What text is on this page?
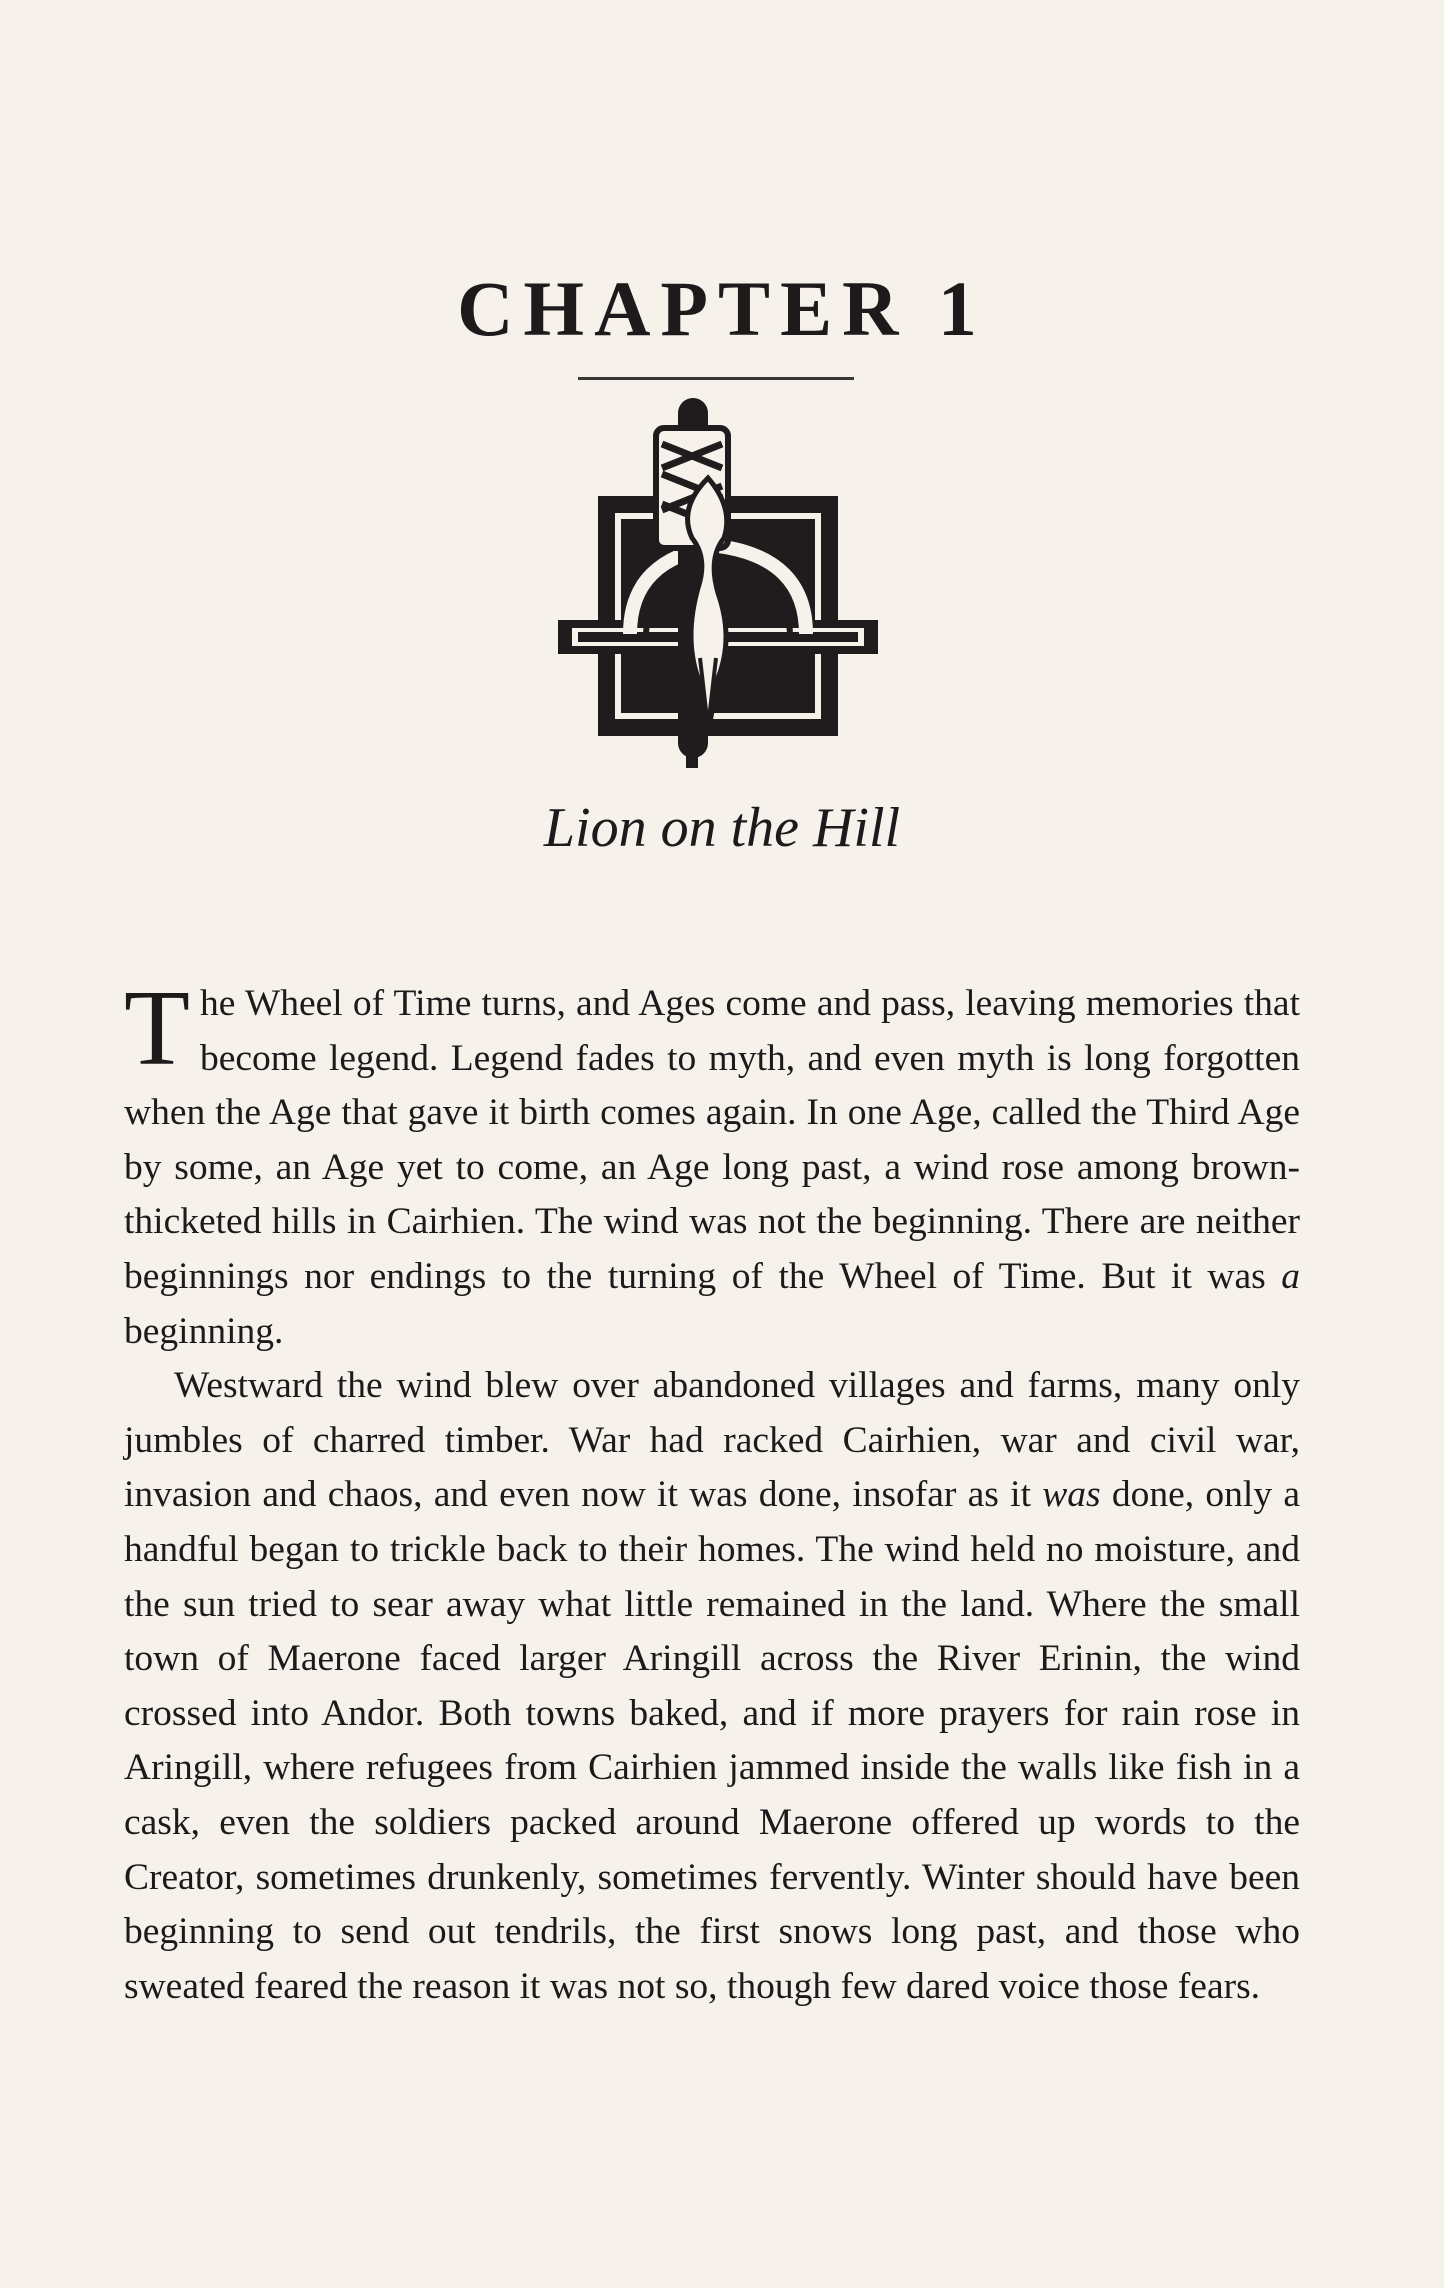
CHAPTER 1
Lion on the Hill

The Wheel of Time turns, and Ages come and pass, leaving memories that become legend. Legend fades to myth, and even myth is long forgotten when the Age that gave it birth comes again. In one Age, called the Third Age by some, an Age yet to come, an Age long past, a wind rose among brown-thicketed hills in Cairhien. The wind was not the beginning. There are neither beginnings nor endings to the turning of the Wheel of Time. But it was a beginning.

Westward the wind blew over abandoned villages and farms, many only jumbles of charred timber. War had racked Cairhien, war and civil war, invasion and chaos, and even now it was done, insofar as it was done, only a handful began to trickle back to their homes. The wind held no moisture, and the sun tried to sear away what little remained in the land. Where the small town of Maerone faced larger Aringill across the River Erinin, the wind crossed into Andor. Both towns baked, and if more prayers for rain rose in Aringill, where refugees from Cairhien jammed inside the walls like fish in a cask, even the soldiers packed around Maerone offered up words to the Creator, sometimes drunkenly, sometimes fervently. Winter should have been beginning to send out tendrils, the first snows long past, and those who sweated feared the reason it was not so, though few dared voice those fears.
